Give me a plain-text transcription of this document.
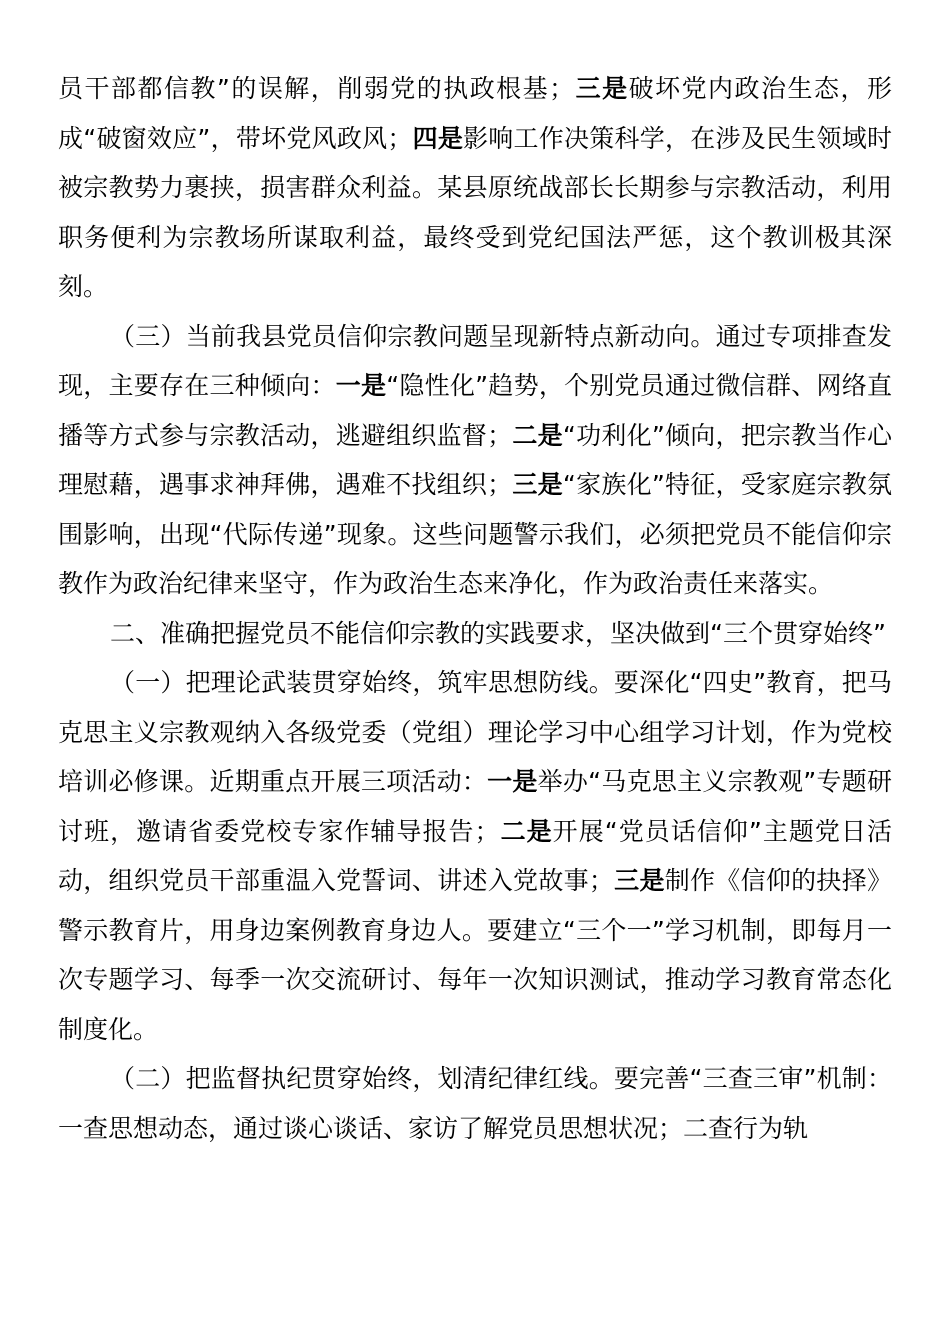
员干部都信教”的误解，削弱党的执政根基；三是破坏党内政治生态，形成“破窗效应”，带坏党风政风；四是影响工作决策科学，在涉及民生领域时被宗教势力裹挟，损害群众利益。某县原统战部长长期参与宗教活动，利用职务便利为宗教场所谋取利益，最终受到党纪国法严惩，这个教训极其深刻。

（三）当前我县党员信仰宗教问题呈现新特点新动向。通过专项排查发现，主要存在三种倾向：一是“隐性化”趋势，个别党员通过微信群、网络直播等方式参与宗教活动，逃避组织监督；二是“功利化”倾向，把宗教当作心理慰藉，遇事求神拜佛，遇难不找组织；三是“家族化”特征，受家庭宗教氛围影响，出现“代际传递”现象。这些问题警示我们，必须把党员不能信仰宗教作为政治纪律来坚守，作为政治生态来净化，作为政治责任来落实。

二、准确把握党员不能信仰宗教的实践要求，坚决做到“三个贯穿始终”

（一）把理论武装贯穿始终，筑牢思想防线。要深化“四史”教育，把马克思主义宗教观纳入各级党委（党组）理论学习中心组学习计划，作为党校培训必修课。近期重点开展三项活动：一是举办“马克思主义宗教观”专题研讨班，邀请省委党校专家作辅导报告；二是开展“党员话信仰”主题党日活动，组织党员干部重温入党誓词、讲述入党故事；三是制作《信仰的抉择》警示教育片，用身边案例教育身边人。要建立“三个一”学习机制，即每月一次专题学习、每季一次交流研讨、每年一次知识测试，推动学习教育常态化制度化。

（二）把监督执纪贯穿始终，划清纪律红线。要完善“三查三审”机制：一查思想动态，通过谈心谈话、家访了解党员思想状况；二查行为轨
